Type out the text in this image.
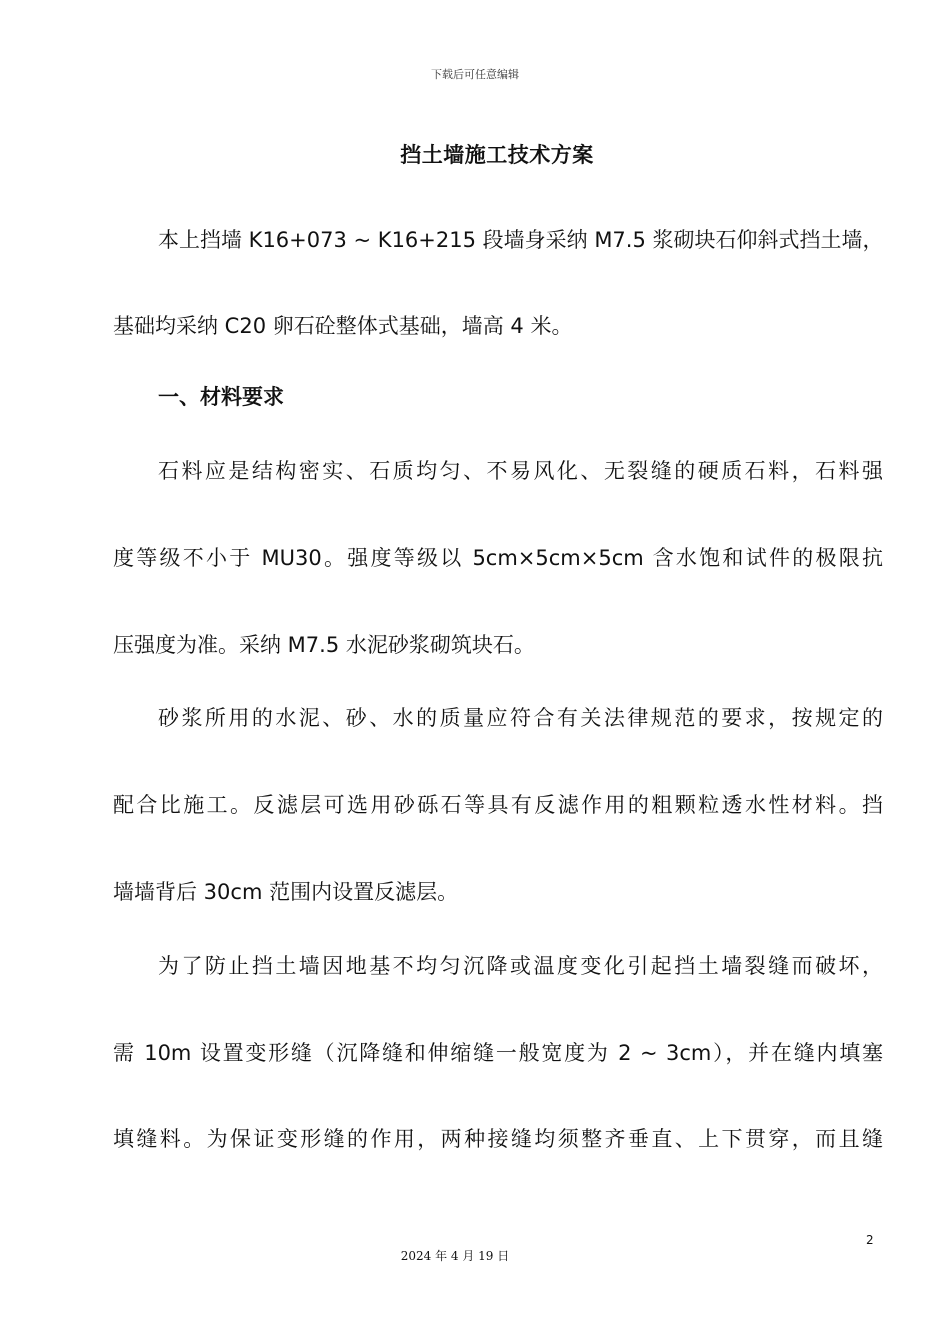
下载后可任意编辑
挡土墙施工技术方案
本上挡墙 K16+073 ~ K16+215 段墙身采纳 M7.5 浆砌块石仰斜式挡土墙，
基础均采纳 C20 卵石砼整体式基础，墙高 4 米。
一、材料要求
石料应是结构密实、石质均匀、不易风化、无裂缝的硬质石料，石料强
度等级不小于 MU30。强度等级以 5cm×5cm×5cm 含水饱和试件的极限抗
压强度为准。采纳 M7.5 水泥砂浆砌筑块石。
砂浆所用的水泥、砂、水的质量应符合有关法律规范的要求，按规定的
配合比施工。反滤层可选用砂砾石等具有反滤作用的粗颗粒透水性材料。挡
墙墙背后 30cm 范围内设置反滤层。
为了防止挡土墙因地基不均匀沉降或温度变化引起挡土墙裂缝而破坏，
需 10m 设置变形缝（沉降缝和伸缩缝一般宽度为 2 ~ 3cm），并在缝内填塞
填缝料。为保证变形缝的作用，两种接缝均须整齐垂直、上下贯穿，而且缝
2
2024 年 4 月 19 日
